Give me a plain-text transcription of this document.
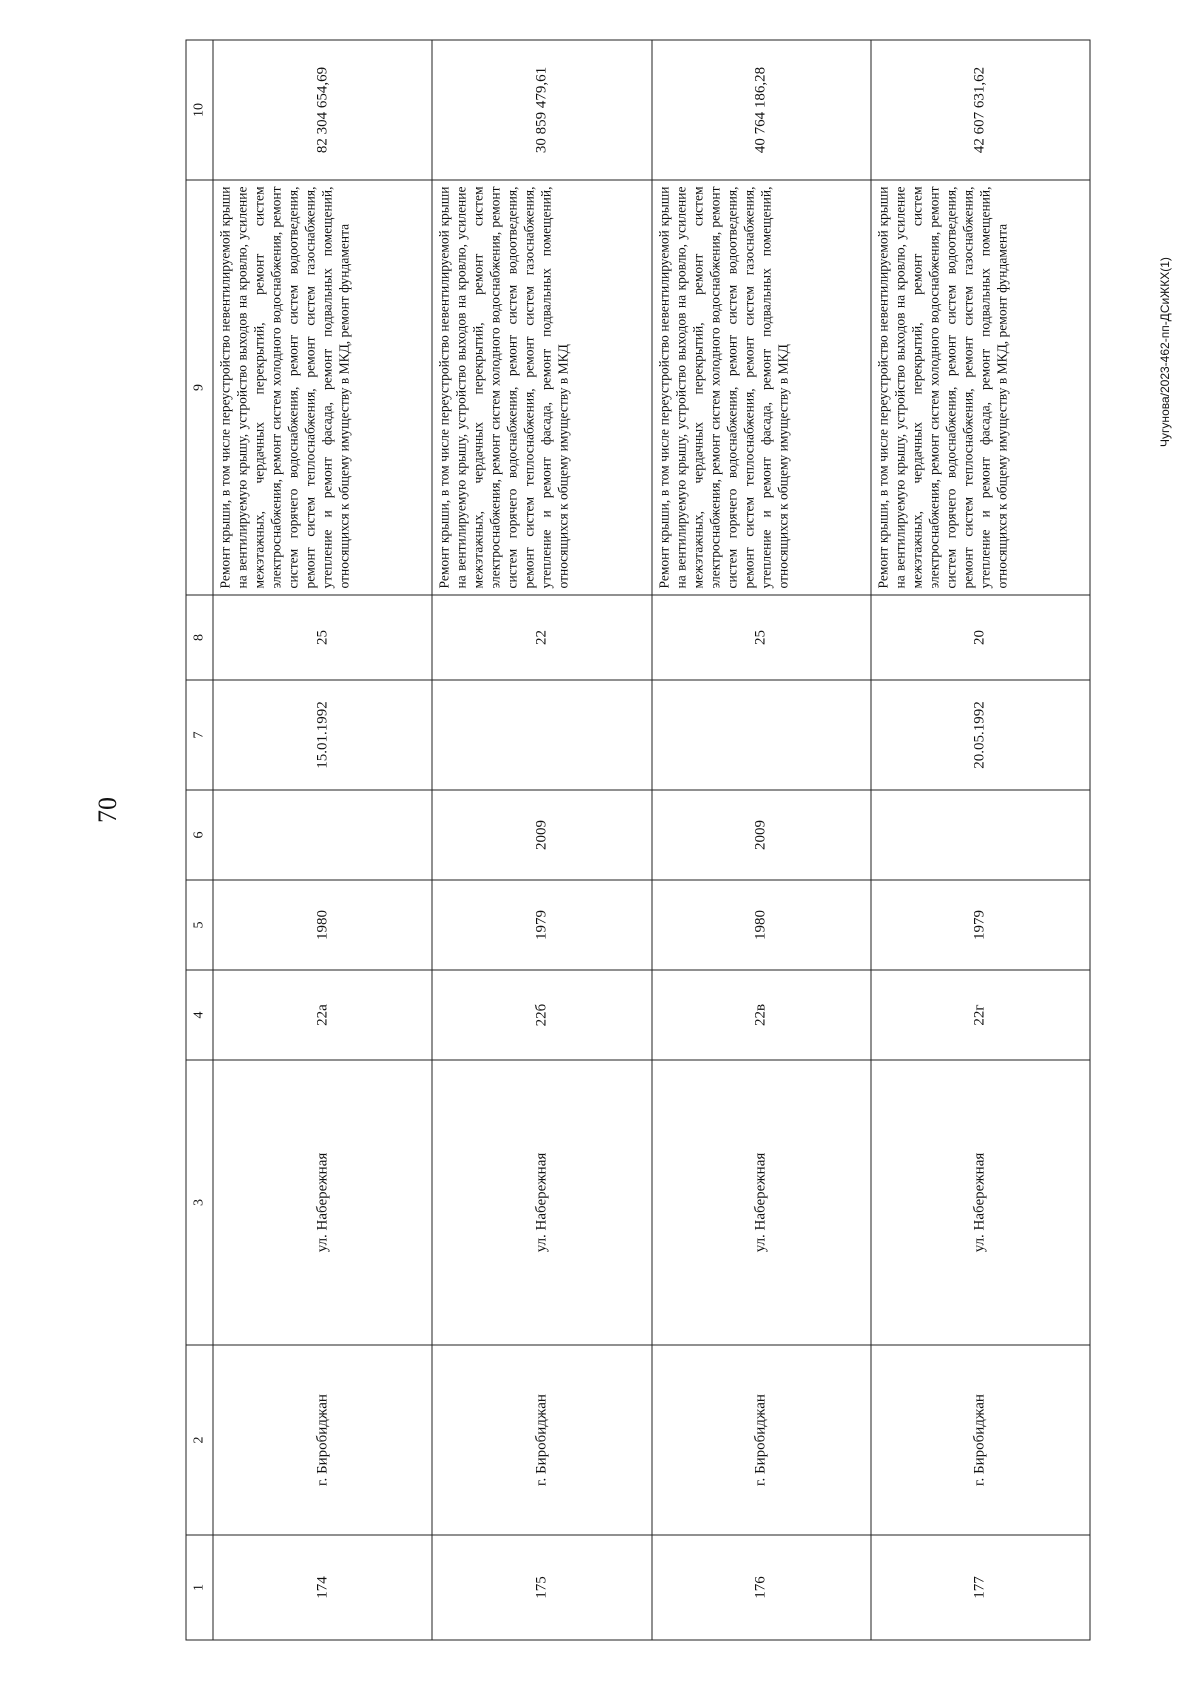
70
1	2	3	4	5	6	7	8	9	10
174	г. Биробиджан	ул. Набережная	22а	1980		15.01.1992	25	Ремонт крыши, в том числе переустройство невентилируемой крыши на вентилируемую крышу, устройство выходов на кровлю, усиление межэтажных, чердачных перекрытий, ремонт систем электроснабжения, ремонт систем холодного водоснабжения, ремонт систем горячего водоснабжения, ремонт систем водоотведения, ремонт систем теплоснабжения, ремонт систем газоснабжения, утепление и ремонт фасада, ремонт подвальных помещений, относящихся к общему имуществу в МКД, ремонт фундамента	82 304 654,69
175	г. Биробиджан	ул. Набережная	22б	1979	2009		22	Ремонт крыши, в том числе переустройство невентилируемой крыши на вентилируемую крышу, устройство выходов на кровлю, усиление межэтажных, чердачных перекрытий, ремонт систем электроснабжения, ремонт систем холодного водоснабжения, ремонт систем горячего водоснабжения, ремонт систем водоотведения, ремонт систем теплоснабжения, ремонт систем газоснабжения, утепление и ремонт фасада, ремонт подвальных помещений, относящихся к общему имуществу в МКД	30 859 479,61
176	г. Биробиджан	ул. Набережная	22в	1980	2009		25	Ремонт крыши, в том числе переустройство невентилируемой крыши на вентилируемую крышу, устройство выходов на кровлю, усиление межэтажных, чердачных перекрытий, ремонт систем электроснабжения, ремонт систем холодного водоснабжения, ремонт систем горячего водоснабжения, ремонт систем водоотведения, ремонт систем теплоснабжения, ремонт систем газоснабжения, утепление и ремонт фасада, ремонт подвальных помещений, относящихся к общему имуществу в МКД	40 764 186,28
177	г. Биробиджан	ул. Набережная	22г	1979		20.05.1992	20	Ремонт крыши, в том числе переустройство невентилируемой крыши на вентилируемую крышу, устройство выходов на кровлю, усиление межэтажных, чердачных перекрытий, ремонт систем электроснабжения, ремонт систем холодного водоснабжения, ремонт систем горячего водоснабжения, ремонт систем водоотведения, ремонт систем теплоснабжения, ремонт систем газоснабжения, утепление и ремонт фасада, ремонт подвальных помещений, относящихся к общему имуществу в МКД, ремонт фундамента	42 607 631,62
Чугунова/2023-462-пп-ДСиЖКХ(1)
